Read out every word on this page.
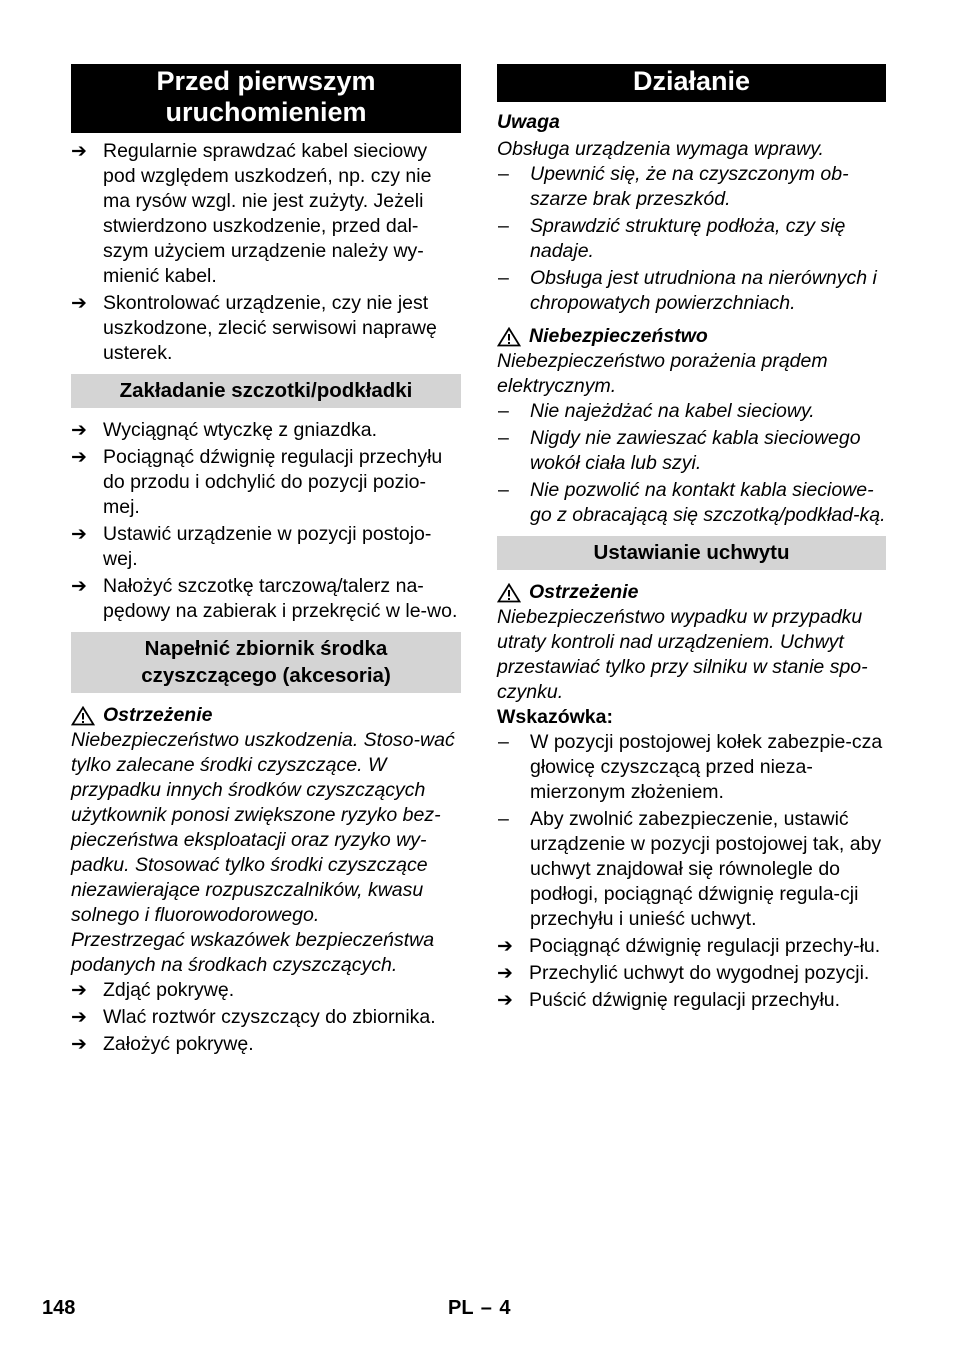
Przed pierwszym uruchomieniem
➔ Regularnie sprawdzać kabel sieciowy pod względem uszkodzeń, np. czy nie ma rysów wzgl. nie jest zużyty. Jeżeli stwierdzono uszkodzenie, przed dal-szym użyciem urządzenie należy wy-mienić kabel.
➔ Skontrolować urządzenie, czy nie jest uszkodzone, zlecić serwisowi naprawę usterek.
Zakładanie szczotki/podkładki
➔ Wyciągnąć wtyczkę z gniazdka.
➔ Pociągnąć dźwignię regulacji przechyłu do przodu i odchylić do pozycji pozio-mej.
➔ Ustawić urządzenie w pozycji postojo-wej.
➔ Nałożyć szczotkę tarczową/talerz na-pędowy na zabierak i przekręcić w le-wo.
Napełnić zbiornik środka czyszczącego (akcesoria)
Ostrzeżenie

Niebezpieczeństwo uszkodzenia. Stoso-wać tylko zalecane środki czyszczące. W przypadku innych środków czyszczących użytkownik ponosi zwiększone ryzyko bez-pieczeństwa eksploatacji oraz ryzyko wy-padku. Stosować tylko środki czyszczące niezawierające rozpuszczalników, kwasu solnego i fluorowodorowego.

Przestrzegać wskazówek bezpieczeństwa podanych na środkach czyszczących.

➔ Zdjąć pokrywę.
➔ Wlać roztwór czyszczący do zbiornika.
➔ Założyć pokrywę.
Działanie
Uwaga

Obsługa urządzenia wymaga wprawy.

–	Upewnić się, że na czyszczonym ob-szarze brak przeszkód.
–	Sprawdzić strukturę podłoża, czy się nadaje.
–	Obsługa jest utrudniona na nierównych i chropowatych powierzchniach.
Niebezpieczeństwo

Niebezpieczeństwo porażenia prądem elektrycznym.

–	Nie najeżdżać na kabel sieciowy.
–	Nigdy nie zawieszać kabla sieciowego wokół ciała lub szyi.
–	Nie pozwolić na kontakt kabla sieciowe-go z obracającą się szczotką/podkład-ką.
Ustawianie uchwytu
Ostrzeżenie

Niebezpieczeństwo wypadku w przypadku utraty kontroli nad urządzeniem. Uchwyt przestawiać tylko przy silniku w stanie spo-czynku.

Wskazówka:
–	W pozycji postojowej kołek zabezpie-cza głowicę czyszczącą przed nieza-mierzonym złożeniem.
–	Aby zwolnić zabezpieczenie, ustawić urządzenie w pozycji postojowej tak, aby uchwyt znajdował się równolegle do podłogi, pociągnąć dźwignię regula-cji przechyłu i unieść uchwyt.
➔ Pociągnąć dźwignię regulacji przechy-łu.
➔ Przechylić uchwyt do wygodnej pozycji.
➔ Puścić dźwignię regulacji przechyłu.
148	PL – 4
